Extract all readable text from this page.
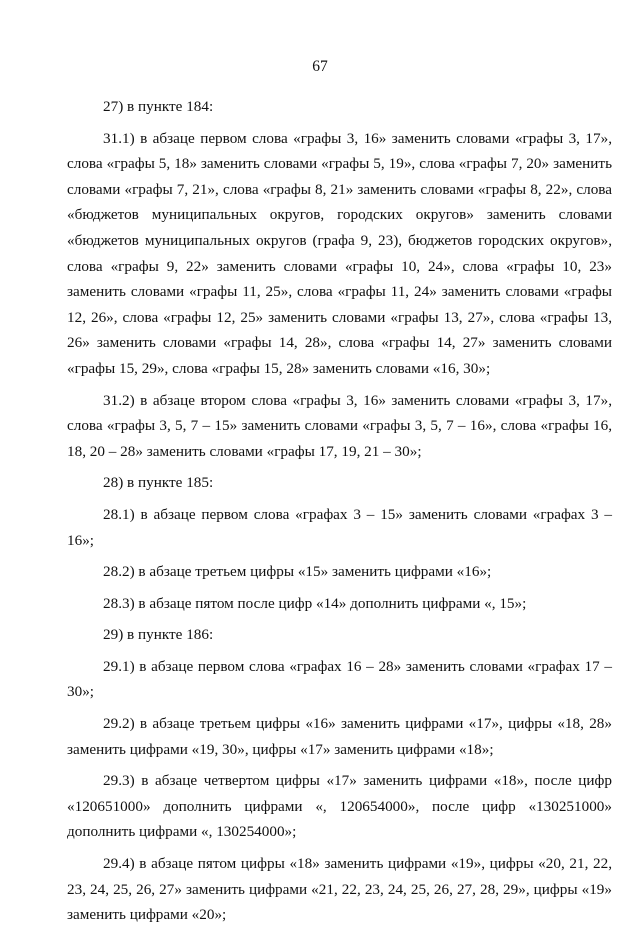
67

27) в пункте 184:

31.1) в абзаце первом слова «графы 3, 16» заменить словами «графы 3, 17», слова «графы 5, 18» заменить словами «графы 5, 19», слова «графы 7, 20» заменить словами «графы 7, 21», слова «графы 8, 21» заменить словами «графы 8, 22», слова «бюджетов муниципальных округов, городских округов» заменить словами «бюджетов муниципальных округов (графа 9, 23), бюджетов городских округов», слова «графы 9, 22» заменить словами «графы 10, 24», слова «графы 10, 23» заменить словами «графы 11, 25», слова «графы 11, 24» заменить словами «графы 12, 26», слова «графы 12, 25» заменить словами «графы 13, 27», слова «графы 13, 26» заменить словами «графы 14, 28», слова «графы 14, 27» заменить словами «графы 15, 29», слова «графы 15, 28» заменить словами «16, 30»;

31.2) в абзаце втором слова «графы 3, 16» заменить словами «графы 3, 17», слова «графы 3, 5, 7 – 15» заменить словами «графы 3, 5, 7 – 16», слова «графы 16, 18, 20 – 28» заменить словами «графы 17, 19, 21 – 30»;

28) в пункте 185:

28.1) в абзаце первом слова «графах 3 – 15» заменить словами «графах 3 – 16»;

28.2) в абзаце третьем цифры «15» заменить цифрами «16»;

28.3) в абзаце пятом после цифр «14» дополнить цифрами «, 15»;

29) в пункте 186:

29.1) в абзаце первом слова «графах 16 – 28» заменить словами «графах 17 – 30»;

29.2) в абзаце третьем цифры «16» заменить цифрами «17», цифры «18, 28» заменить цифрами «19, 30», цифры «17» заменить цифрами «18»;

29.3) в абзаце четвертом цифры «17» заменить цифрами «18», после цифр «120651000» дополнить цифрами «, 120654000», после цифр «130251000» дополнить цифрами «, 130254000»;

29.4) в абзаце пятом цифры «18» заменить цифрами «19», цифры «20, 21, 22, 23, 24, 25, 26, 27» заменить цифрами «21, 22, 23, 24, 25, 26, 27, 28, 29», цифры «19» заменить цифрами «20»;
